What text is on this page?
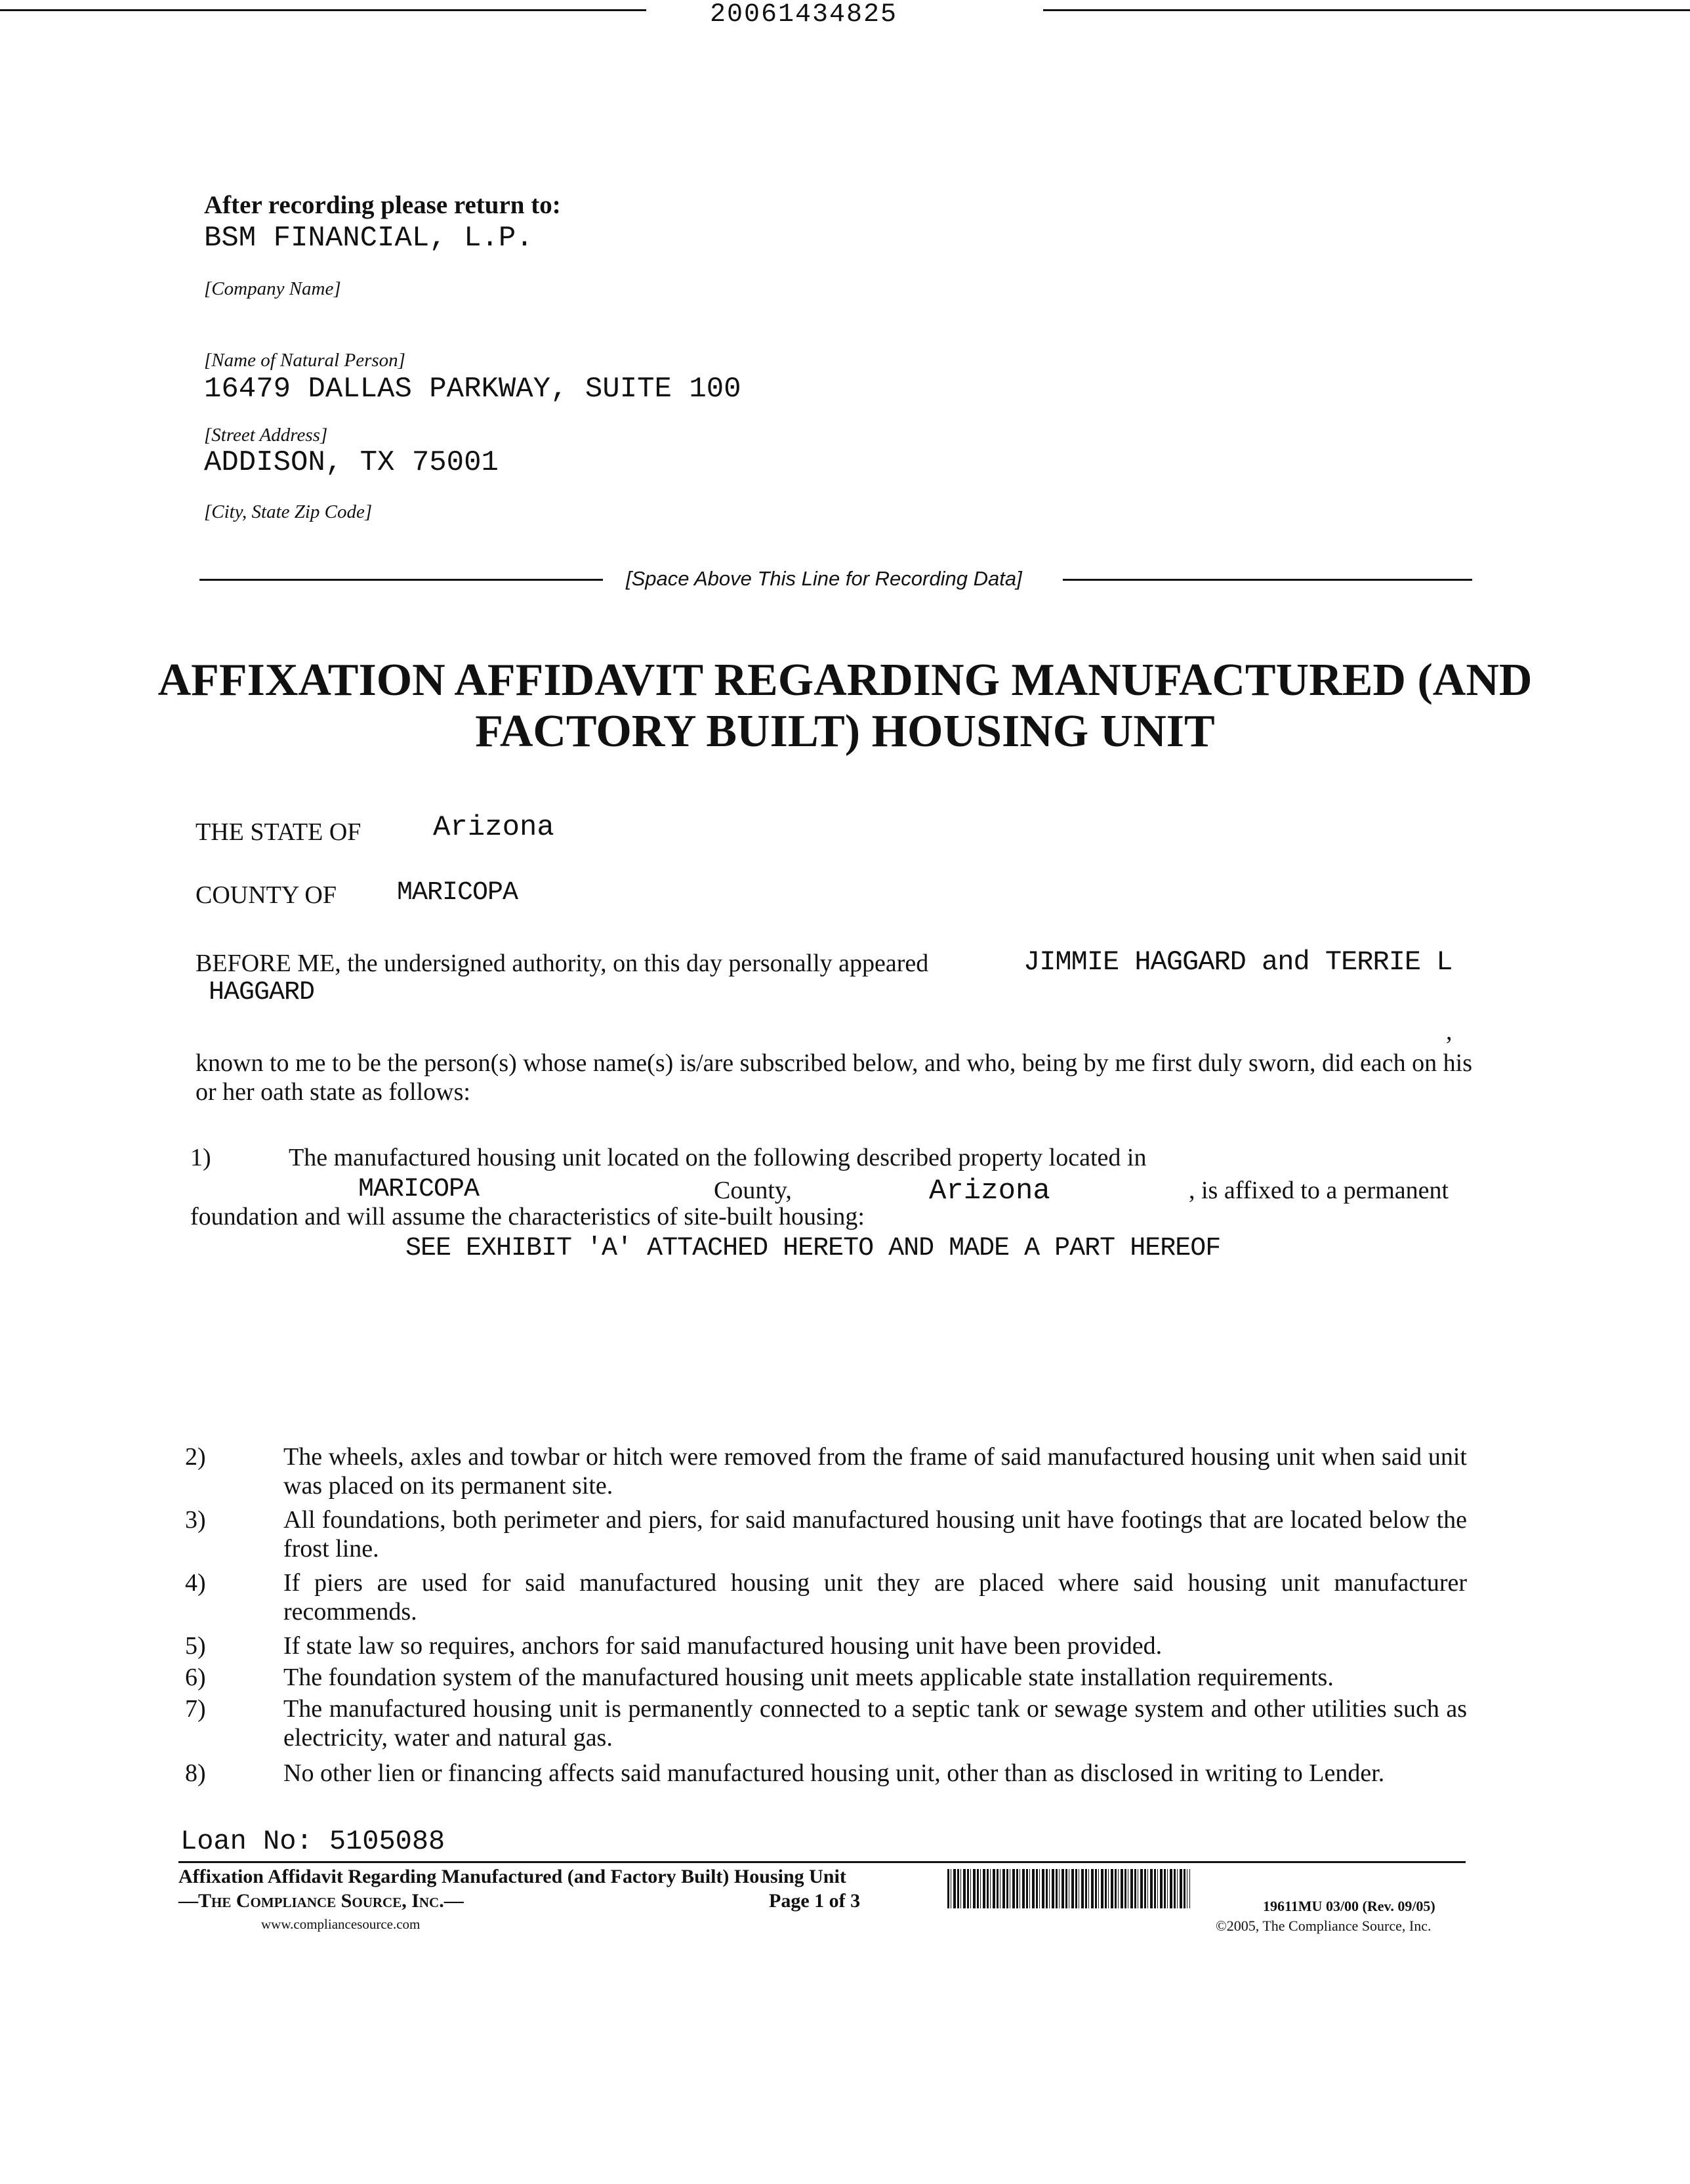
20061434825
After recording please return to:
BSM FINANCIAL, L.P.
[Company Name]
[Name of Natural Person]
16479 DALLAS PARKWAY, SUITE 100
[Street Address]
ADDISON, TX 75001
[City, State Zip Code]
[Space Above This Line for Recording Data]
AFFIXATION AFFIDAVIT REGARDING MANUFACTURED (AND FACTORY BUILT) HOUSING UNIT
THE STATE OF Arizona
COUNTY OF MARICOPA
BEFORE ME, the undersigned authority, on this day personally appeared	JIMMIE HAGGARD and TERRIE L
HAGGARD
,
known to me to be the person(s) whose name(s) is/are subscribed below, and who, being by me first duly sworn, did each on his or her oath state as follows:
1)	The manufactured housing unit located on the following described property located in
MARICOPA	County,	Arizona	, is affixed to a permanent
foundation and will assume the characteristics of site-built housing:
SEE EXHIBIT 'A' ATTACHED HERETO AND MADE A PART HEREOF
2)	The wheels, axles and towbar or hitch were removed from the frame of said manufactured housing unit when said unit was placed on its permanent site.
3)	All foundations, both perimeter and piers, for said manufactured housing unit have footings that are located below the frost line.
4)	If piers are used for said manufactured housing unit they are placed where said housing unit manufacturer recommends.
5)	If state law so requires, anchors for said manufactured housing unit have been provided.
6)	The foundation system of the manufactured housing unit meets applicable state installation requirements.
7)	The manufactured housing unit is permanently connected to a septic tank or sewage system and other utilities such as electricity, water and natural gas.
8)	No other lien or financing affects said manufactured housing unit, other than as disclosed in writing to Lender.
Loan No: 5105088
Affixation Affidavit Regarding Manufactured (and Factory Built) Housing Unit
—The Compliance Source, Inc.—
www.compliancesource.com
Page 1 of 3	19611MU 03/00 (Rev. 09/05)
©2005, The Compliance Source, Inc.
